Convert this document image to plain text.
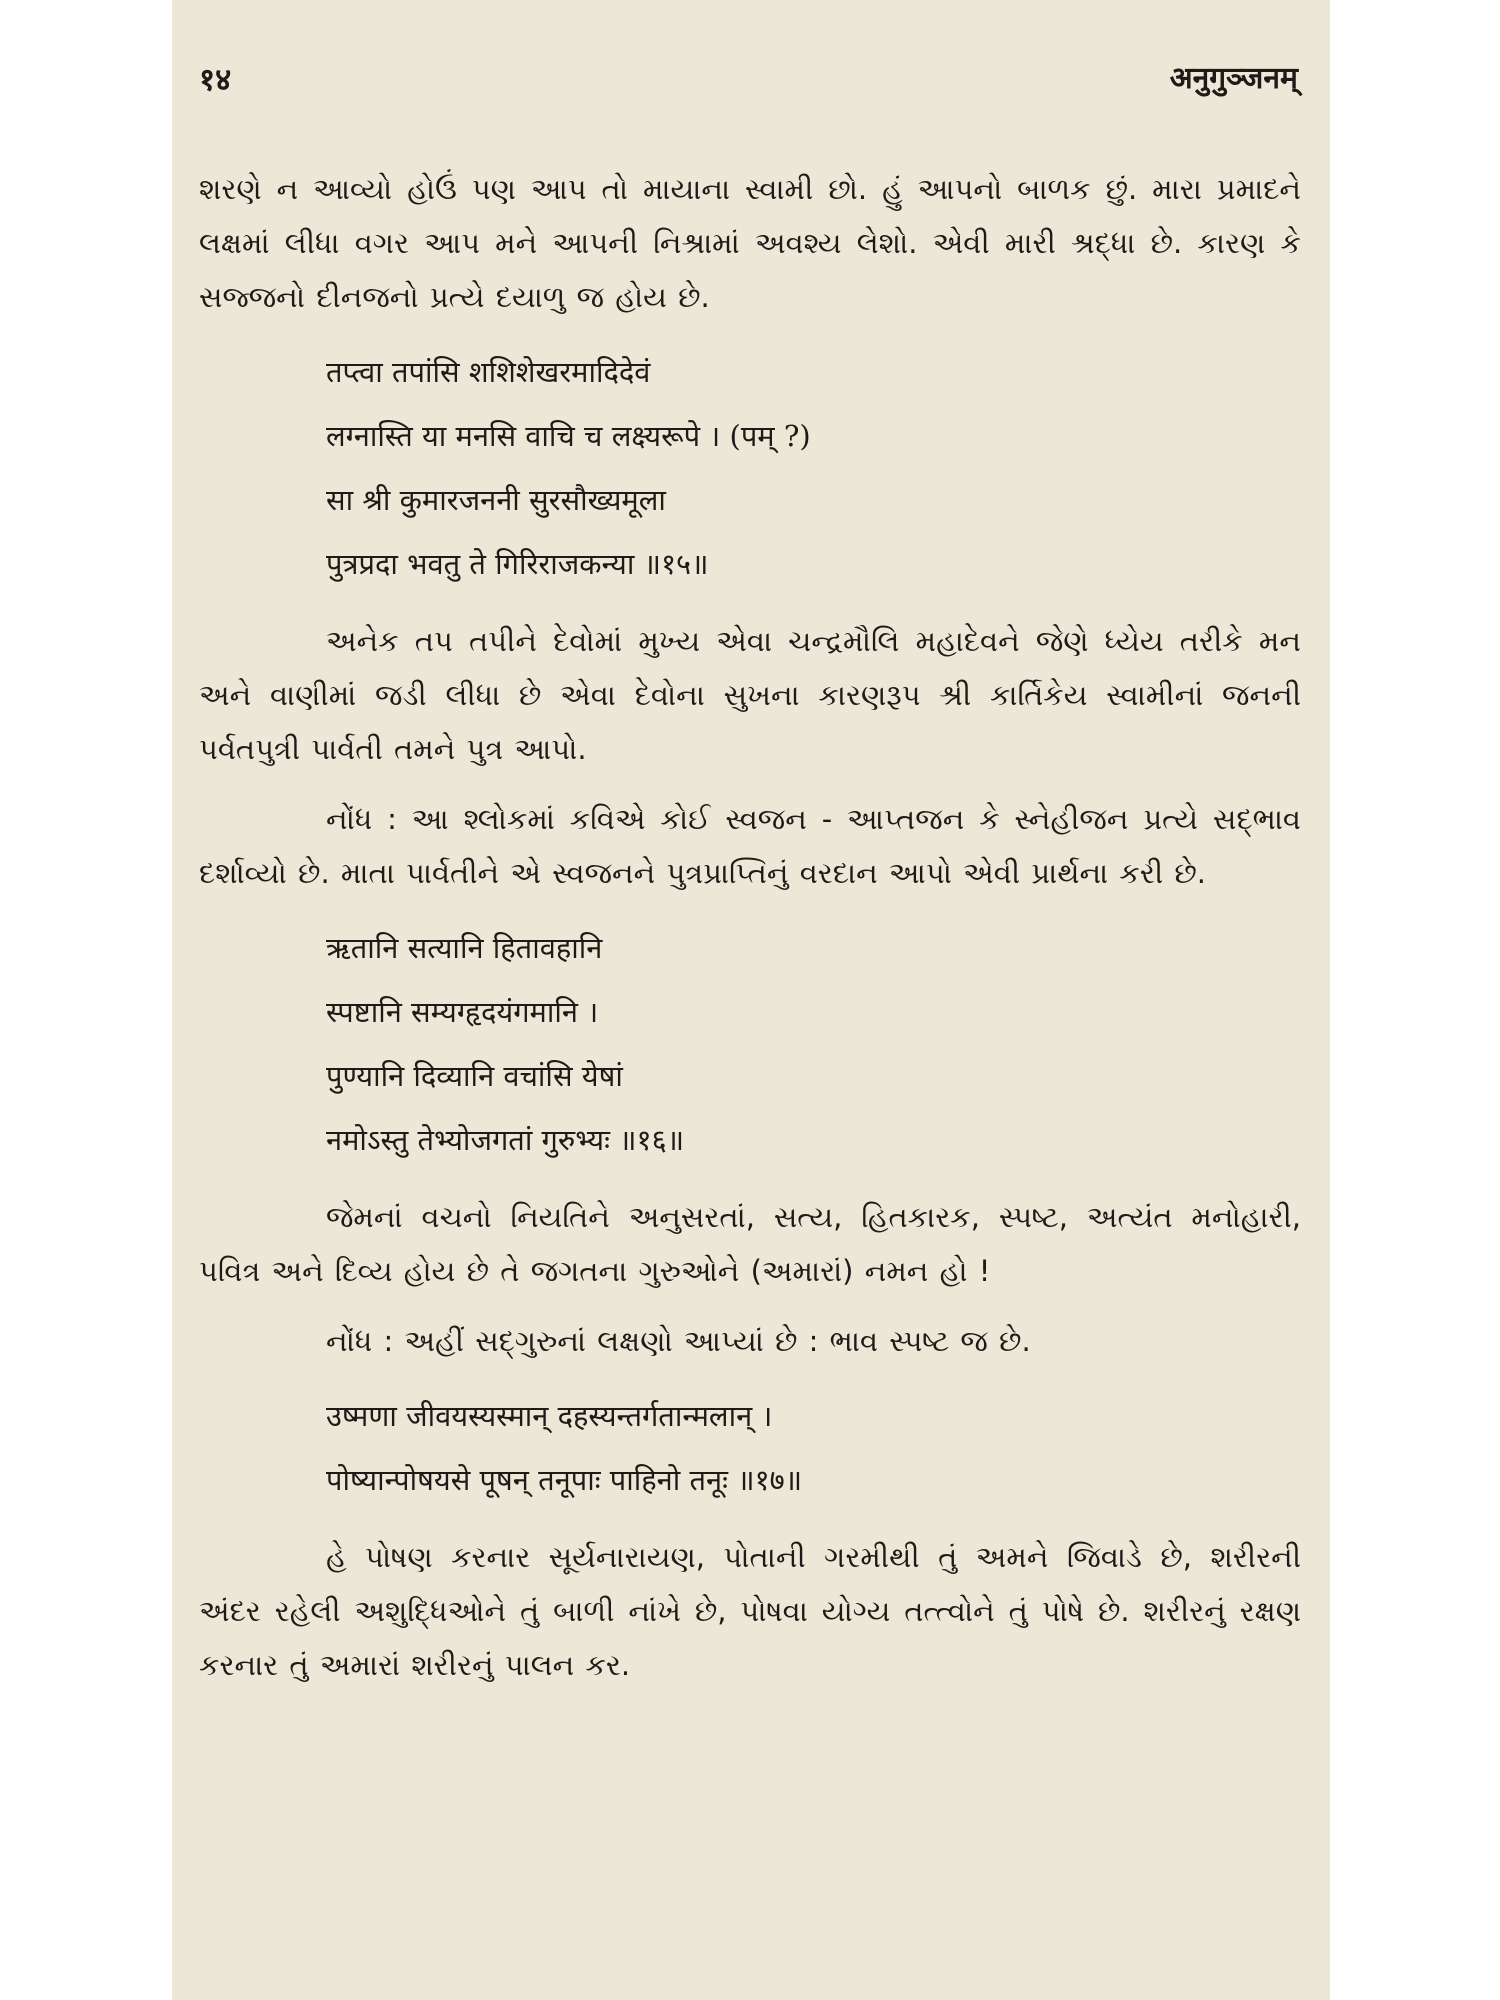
१४	अनुगुञ्जनम्

શરણે ન આવ્યો હોઉં પણ આપ તો માયાના સ્વામી છો. હું આપનો બાળક છું. મારા પ્રમાદને લક્ષમાં લીધા વગર આપ મને આપની નિશ્રામાં અવશ્ય લેશો. એવી મારી શ્રદ્ધા છે. કારણ કે સજ્જનો દીનજનો પ્રત્યે દયાળુ જ હોય છે.

तप्त्वा तपांसि शशिशेखरमादिदेवं
लग्नास्ति या मनसि वाचि च लक्ष्यरूपे । (पम् ?)
सा श्री कुमारजननी सुरसौख्यमूला
पुत्रप्रदा भवतु ते गिरिराजकन्या ॥१५॥

અનેક તપ તપીને દેવોમાં મુખ્ય એવા ચન્દ્રમૌલિ મહાદેવને જેણે ધ્યેય તરીકે મન અને વાણીમાં જડી લીધા છે એવા દેવોના સુખના કારણરૂપ શ્રી કાર્તિકેય સ્વામીનાં જનની પર્વતપુત્રી પાર્વતી તમને પુત્ર આપો.

નોંધ : આ શ્લોકમાં કવિએ કોઈ સ્વજન - આપ્તજન કે સ્નેહીજન પ્રત્યે સદ્ભાવ દર્શાવ્યો છે. માતા પાર્વતીને એ સ્વજનને પુત્રપ્રાપ્તિનું વરદાન આપો એવી પ્રાર્થના કરી છે.

ऋतानि सत्यानि हितावहानि
स्पष्टानि सम्यग्हृदयंगमानि ।
पुण्यानि दिव्यानि वचांसि येषां
नमोऽस्तु तेभ्योजगतां गुरुभ्यः ॥१६॥

જેમનાં વચનો નિયતિને અનુસરતાં, સત્ય, હિતકારક, સ્પષ્ટ, અત્યંત મનોહારી, પવિત્ર અને દિવ્ય હોય છે તે જગતના ગુરુઓને (અમારાં) નમન હો !

નોંધ : અહીં સદ્ગુરુનાં લક્ષણો આપ્યાં છે : ભાવ સ્પષ્ટ જ છે.

उष्मणा जीवयस्यस्मान् दहस्यन्तर्गतान्मलान् ।
पोष्यान्पोषयसे पूषन् तनूपाः पाहिनो तनूः ॥१७॥

હે પોષણ કરનાર સૂર્યનારાયણ, પોતાની ગરમીથી તું અમને જિવાડે છે, શરીરની અંદર રહેલી અશુદ્ધિઓને તું બાળી નાંખે છે, પોષવા યોગ્ય તત્ત્વોને તું પોષે છે. શરીરનું રક્ષણ કરનાર તું અમારાં શરીરનું પાલન કર.
